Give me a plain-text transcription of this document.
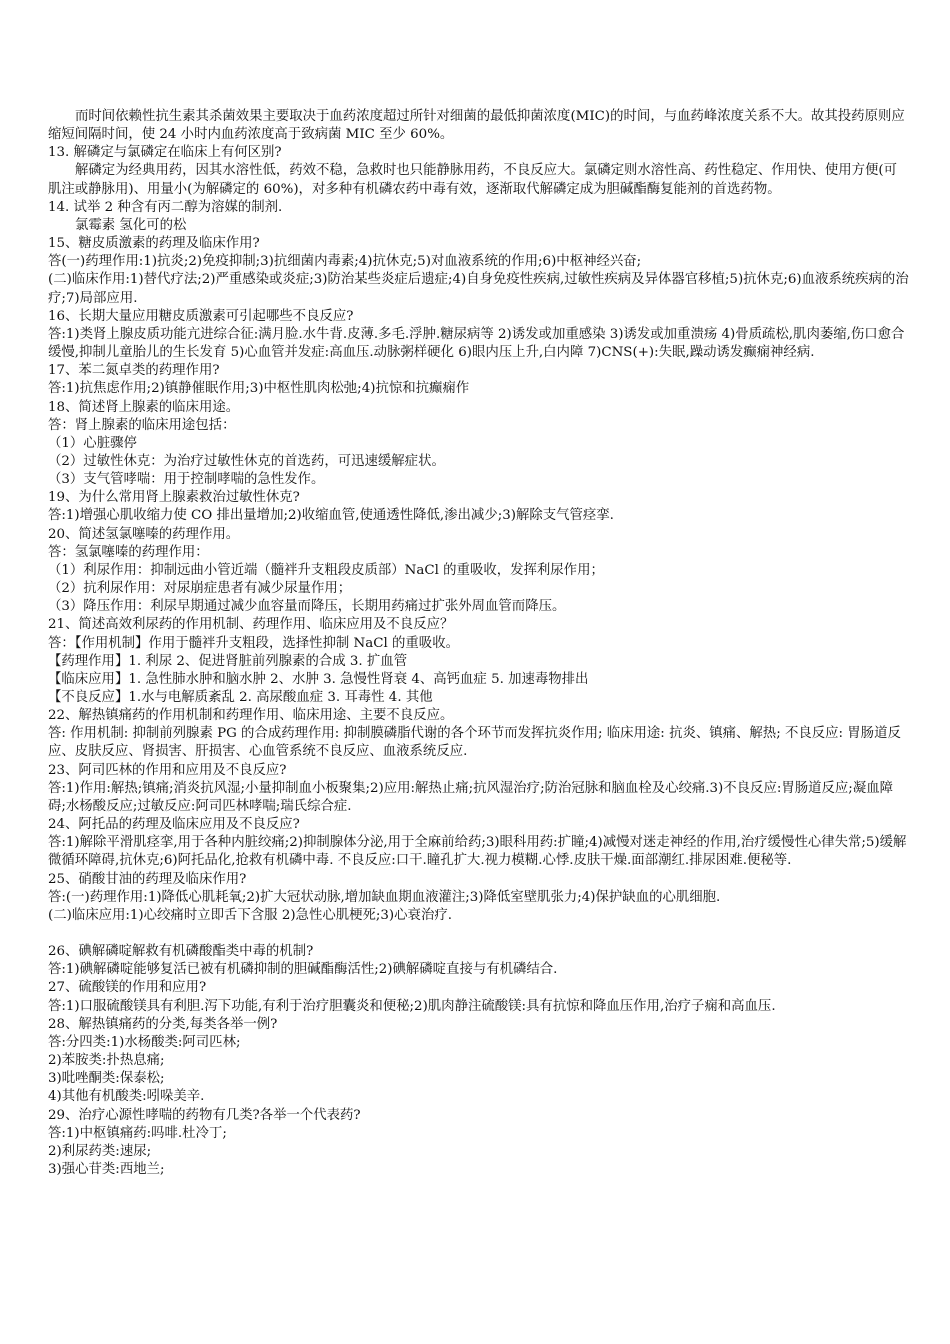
而时间依赖性抗生素其杀菌效果主要取决于血药浓度超过所针对细菌的最低抑菌浓度(MIC)的时间，与血药峰浓度关系不大。故其投药原则应缩短间隔时间，使 24 小时内血药浓度高于致病菌 MIC 至少 60%。

13. 解磷定与氯磷定在临床上有何区别?

解磷定为经典用药，因其水溶性低，药效不稳，急救时也只能静脉用药，不良反应大。氯磷定则水溶性高、药性稳定、作用快、使用方便(可肌注或静脉用)、用量小(为解磷定的 60%)，对多种有机磷农药中毒有效，逐渐取代解磷定成为胆碱酯酶复能剂的首选药物。

14. 试举 2 种含有丙二醇为溶媒的制剂.

氯霉素 氢化可的松

15、糖皮质激素的药理及临床作用?

答(一)药理作用:1)抗炎;2)免疫抑制;3)抗细菌内毒素;4)抗休克;5)对血液系统的作用;6)中枢神经兴奋;

(二)临床作用:1)替代疗法;2)严重感染或炎症;3)防治某些炎症后遗症;4)自身免疫性疾病,过敏性疾病及异体器官移植;5)抗休克;6)血液系统疾病的治疗;7)局部应用.

16、长期大量应用糖皮质激素可引起哪些不良反应?

答:1)类肾上腺皮质功能亢进综合征:满月脸.水牛背.皮薄.多毛.浮肿.糖尿病等 2)诱发或加重感染 3)诱发或加重溃疡 4)骨质疏松,肌肉萎缩,伤口愈合缓慢,抑制儿童胎儿的生长发育 5)心血管并发症:高血压.动脉粥样硬化 6)眼内压上升,白内障 7)CNS(+):失眠,躁动诱发癫痫神经病.

17、苯二氮卓类的药理作用?

答:1)抗焦虑作用;2)镇静催眠作用;3)中枢性肌肉松弛;4)抗惊和抗癫痫作

18、简述肾上腺素的临床用途。

答：肾上腺素的临床用途包括：

（1）心脏骤停

（2）过敏性休克：为治疗过敏性休克的首选药，可迅速缓解症状。

（3）支气管哮喘：用于控制哮喘的急性发作。

19、为什么常用肾上腺素救治过敏性休克?

答:1)增强心肌收缩力使 CO 排出量增加;2)收缩血管,使通透性降低,渗出减少;3)解除支气管痉挛.

20、简述氢氯噻嗪的药理作用。

答：氢氯噻嗪的药理作用：

（1）利尿作用：抑制远曲小管近端（髓袢升支粗段皮质部）NaCl 的重吸收，发挥利尿作用；

（2）抗利尿作用：对尿崩症患者有减少尿量作用；

（3）降压作用：利尿早期通过减少血容量而降压，长期用药痛过扩张外周血管而降压。

21、简述高效利尿药的作用机制、药理作用、临床应用及不良反应？

答：【作用机制】作用于髓袢升支粗段，选择性抑制 NaCl 的重吸收。

【药理作用】1. 利尿 2、促进肾脏前列腺素的合成 3. 扩血管

【临床应用】1. 急性肺水肿和脑水肿 2、水肿 3. 急慢性肾衰 4、高钙血症 5. 加速毒物排出

【不良反应】1.水与电解质紊乱 2. 高尿酸血症 3. 耳毒性 4. 其他

22、解热镇痛药的作用机制和药理作用、临床用途、主要不良反应。

答: 作用机制: 抑制前列腺素 PG 的合成药理作用: 抑制膜磷脂代谢的各个环节而发挥抗炎作用; 临床用途: 抗炎、镇痛、解热; 不良反应: 胃肠道反应、皮肤反应、肾损害、肝损害、心血管系统不良反应、血液系统反应.

23、阿司匹林的作用和应用及不良反应?

答:1)作用:解热;镇痛;消炎抗风湿;小量抑制血小板聚集;2)应用:解热止痛;抗风湿治疗;防治冠脉和脑血栓及心绞痛.3)不良反应:胃肠道反应;凝血障碍;水杨酸反应;过敏反应:阿司匹林哮喘;瑞氏综合症.

24、阿托品的药理及临床应用及不良反应?

答:1)解除平滑肌痉挛,用于各种内脏绞痛;2)抑制腺体分泌,用于全麻前给药;3)眼科用药:扩瞳;4)减慢对迷走神经的作用,治疗缓慢性心律失常;5)缓解微循环障碍,抗休克;6)阿托品化,抢救有机磷中毒. 不良反应:口干.瞳孔扩大.视力模糊.心悸.皮肤干燥.面部潮红.排尿困难.便秘等.

25、硝酸甘油的药理及临床作用?

答:(一)药理作用:1)降低心肌耗氧;2)扩大冠状动脉,增加缺血期血液灌注;3)降低室壁肌张力;4)保护缺血的心肌细胞.

(二)临床应用:1)心绞痛时立即舌下含服 2)急性心肌梗死;3)心衰治疗.

26、碘解磷啶解救有机磷酸酯类中毒的机制?

答:1)碘解磷啶能够复活已被有机磷抑制的胆碱酯酶活性;2)碘解磷啶直接与有机磷结合.

27、硫酸镁的作用和应用?

答:1)口服硫酸镁具有利胆.泻下功能,有利于治疗胆囊炎和便秘;2)肌肉静注硫酸镁:具有抗惊和降血压作用,治疗子痫和高血压.

28、解热镇痛药的分类,每类各举一例?

答:分四类:1)水杨酸类:阿司匹林;

2)苯胺类:扑热息痛;

3)吡唑酮类:保泰松;

4)其他有机酸类:吲哚美辛.

29、治疗心源性哮喘的药物有几类?各举一个代表药?

答:1)中枢镇痛药:吗啡.杜冷丁;

2)利尿药类:速尿;

3)强心苷类:西地兰;
